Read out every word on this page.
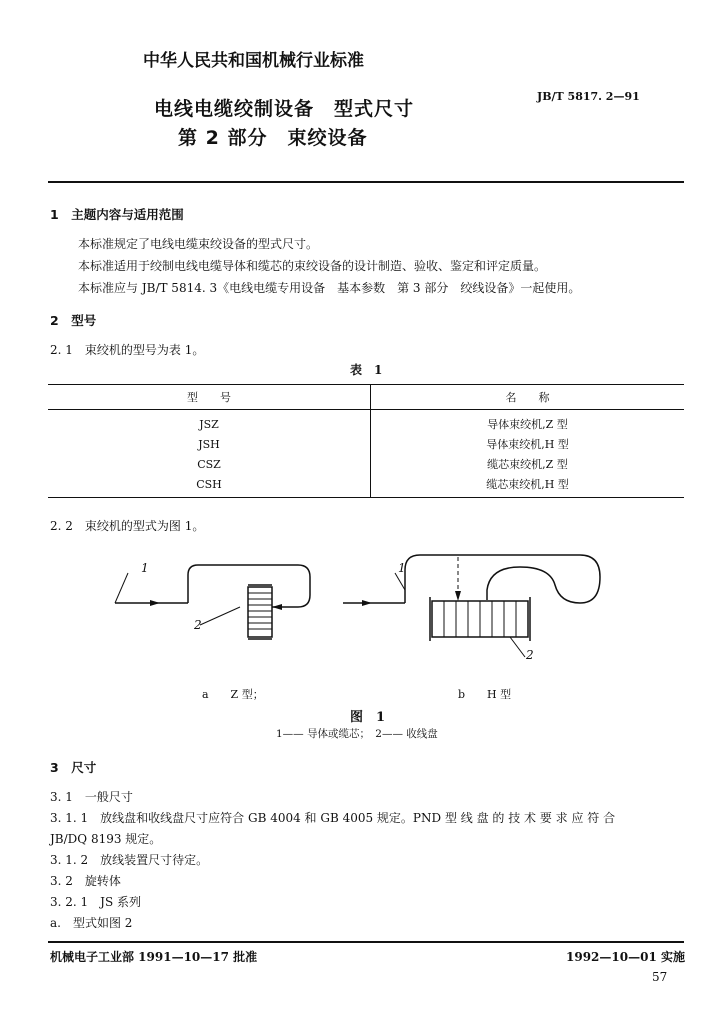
中华人民共和国机械行业标准
JB/T 5817. 2—91
电线电缆绞制设备　型式尺寸
第 2 部分　束绞设备
1　主题内容与适用范围
本标准规定了电线电缆束绞设备的型式尺寸。
本标准适用于绞制电线电缆导体和缆芯的束绞设备的设计制造、验收、鉴定和评定质量。
本标准应与 JB/T 5814. 3《电线电缆专用设备　基本参数　第 3 部分　绞线设备》一起使用。
2　型号
2. 1　束绞机的型号为表 1。
表　1
型　　号	名　　称
JSZ	导体束绞机,Z 型
JSH	导体束绞机,H 型
CSZ	缆芯束绞机,Z 型
CSH	缆芯束绞机,H 型
2. 2　束绞机的型式为图 1。
1
2
1
2
a　　Z 型；	b　　H 型
图　1
1—— 导体或缆芯；　2—— 收线盘
3　尺寸
3. 1　一般尺寸
3. 1. 1　放线盘和收线盘尺寸应符合 GB 4004 和 GB 4005 规定。PND 型 线 盘 的 技 术 要 求 应 符 合
JB/DQ 8193 规定。
3. 1. 2　放线装置尺寸待定。
3. 2　旋转体
3. 2. 1　JS 系列
a.　型式如图 2
机械电子工业部 1991—10—17 批准	1992—10—01 实施
57
